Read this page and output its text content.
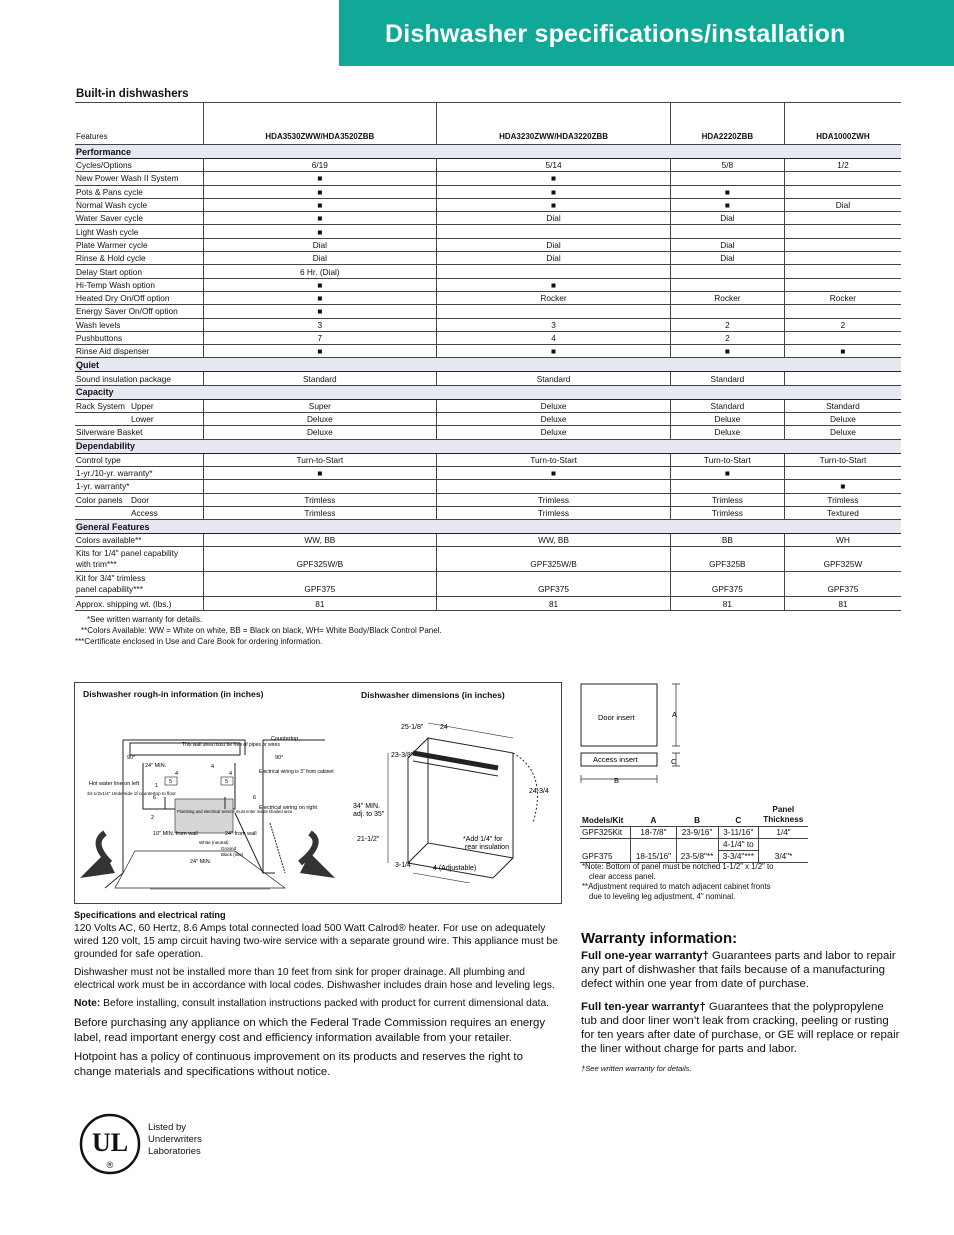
Dishwasher specifications/installation
Built-in dishwashers
Features		HDA3530ZWW/HDA3520ZBB	HDA3230ZWW/HDA3220ZBB	HDA2220ZBB	HDA1000ZWH
Performance					
Cycles/Options		6/19	5/14	5/8	1/2
New Power Wash II System		■	■		
Pots & Pans cycle		■	■	■	
Normal Wash cycle		■	■	■	Dial
Water Saver cycle		■	Dial	Dial	
Light Wash cycle		■			
Plate Warmer cycle		Dial	Dial	Dial	
Rinse & Hold cycle		Dial	Dial	Dial	
Delay Start option		6 Hr. (Dial)			
Hi-Temp Wash option		■	■		
Heated Dry On/Off option		■	Rocker	Rocker	Rocker
Energy Saver On/Off option		■			
Wash levels		3	3	2	2
Pushbuttons		7	4	2	
Rinse Aid dispenser		■	■	■	■
Quiet					
Sound insulation package		Standard	Standard	Standard	
Capacity					
Rack System	Upper	Super	Deluxe	Standard	Standard
	Lower	Deluxe	Deluxe	Deluxe	Deluxe
Silverware Basket		Deluxe	Deluxe	Deluxe	Deluxe
Dependability					
Control type		Turn-to-Start	Turn-to-Start	Turn-to-Start	Turn-to-Start
1-yr./10-yr. warranty*		■	■	■	
1-yr. warranty*					■
Color panels	Door	Trimless	Trimless	Trimless	Trimless
	Access	Trimless	Trimless	Trimless	Textured
General Features					
Colors available**		WW, BB	WW, BB	BB	WH
Kits for 1/4" panel capability
with trim***		GPF325W/B	GPF325W/B	GPF325B	GPF325W
Kit for 3/4" trimless
panel capability***		GPF375	GPF375	GPF375	GPF375
Approx. shipping wt. (lbs.)		81	81	81	81
*See written warranty for details.
**Colors Available: WW = White on white, BB = Black on black, WH= White Body/Black Control Panel.
***Certificate enclosed in Use and Care Book for ordering information.
Dishwasher rough-in information (in inches)	Dishwasher dimensions (in inches)
This wall area must be free of pipes or wires
Countertop
90°	90°
24" MIN.
4
4
4
5	5
6	6
1
2
Hot water line on left
34-1/2x1/4" Underside of countertop to floor
Plumbing and electrical service must enter inside shaded area
10" MIN. from wall	24" from wall
Electrical wiring is 3" from cabinet
Electrical wiring on right
White (neutral)
Ground
Black (line)
24" MIN.
25-1/8" 24
23-3/8"
24-3/4
34" MIN.
adj. to 35"
21-1/2"	*Add 1/4" for
rear insulation
3-1/4	4 (Adjustable)
Door insert
Access insert
A
C
B
Models/Kit	A	B	C	Panel
Thickness
GPF325Kit	18-7/8"	23-9/16"	3-11/16"	1/4"
			4-1/4" to	
GPF375	18-15/16"	23-5/8"**	3-3/4"***	3/4"*
*Note: Bottom of panel must be notched 1-1/2" x 1/2" to
clear access panel.
**Adjustment required to match adjacent cabinet fronts
due to leveling leg adjustment, 4" nominal.
Specifications and electrical rating
120 Volts AC, 60 Hertz, 8.6 Amps total connected load 500 Watt Calrod® heater. For use on adequately wired 120 volt, 15 amp circuit having two-wire service with a separate ground wire. This appliance must be grounded for safe operation.
Dishwasher must not be installed more than 10 feet from sink for proper drainage. All plumbing and electrical work must be in accordance with local codes. Dishwasher includes drain hose and leveling legs.
Note: Before installing, consult installation instructions packed with product for current dimensional data.
Before purchasing any appliance on which the Federal Trade Commission requires an energy label, read important energy cost and efficiency information available from your retailer.
Hotpoint has a policy of continuous improvement on its products and reserves the right to change materials and specifications without notice.
Warranty information:

Full one-year warranty† Guarantees parts and labor to repair any part of dishwasher that fails because of a manufacturing defect within one year from date of purchase.

Full ten-year warranty† Guarantees that the polypropylene tub and door liner won’t leak from cracking, peeling or rusting for ten years after date of purchase, or GE will replace or repair the liner without charge for parts and labor.

†See written warranty for details.
UL
®
Listed by
Underwriters
Laboratories
